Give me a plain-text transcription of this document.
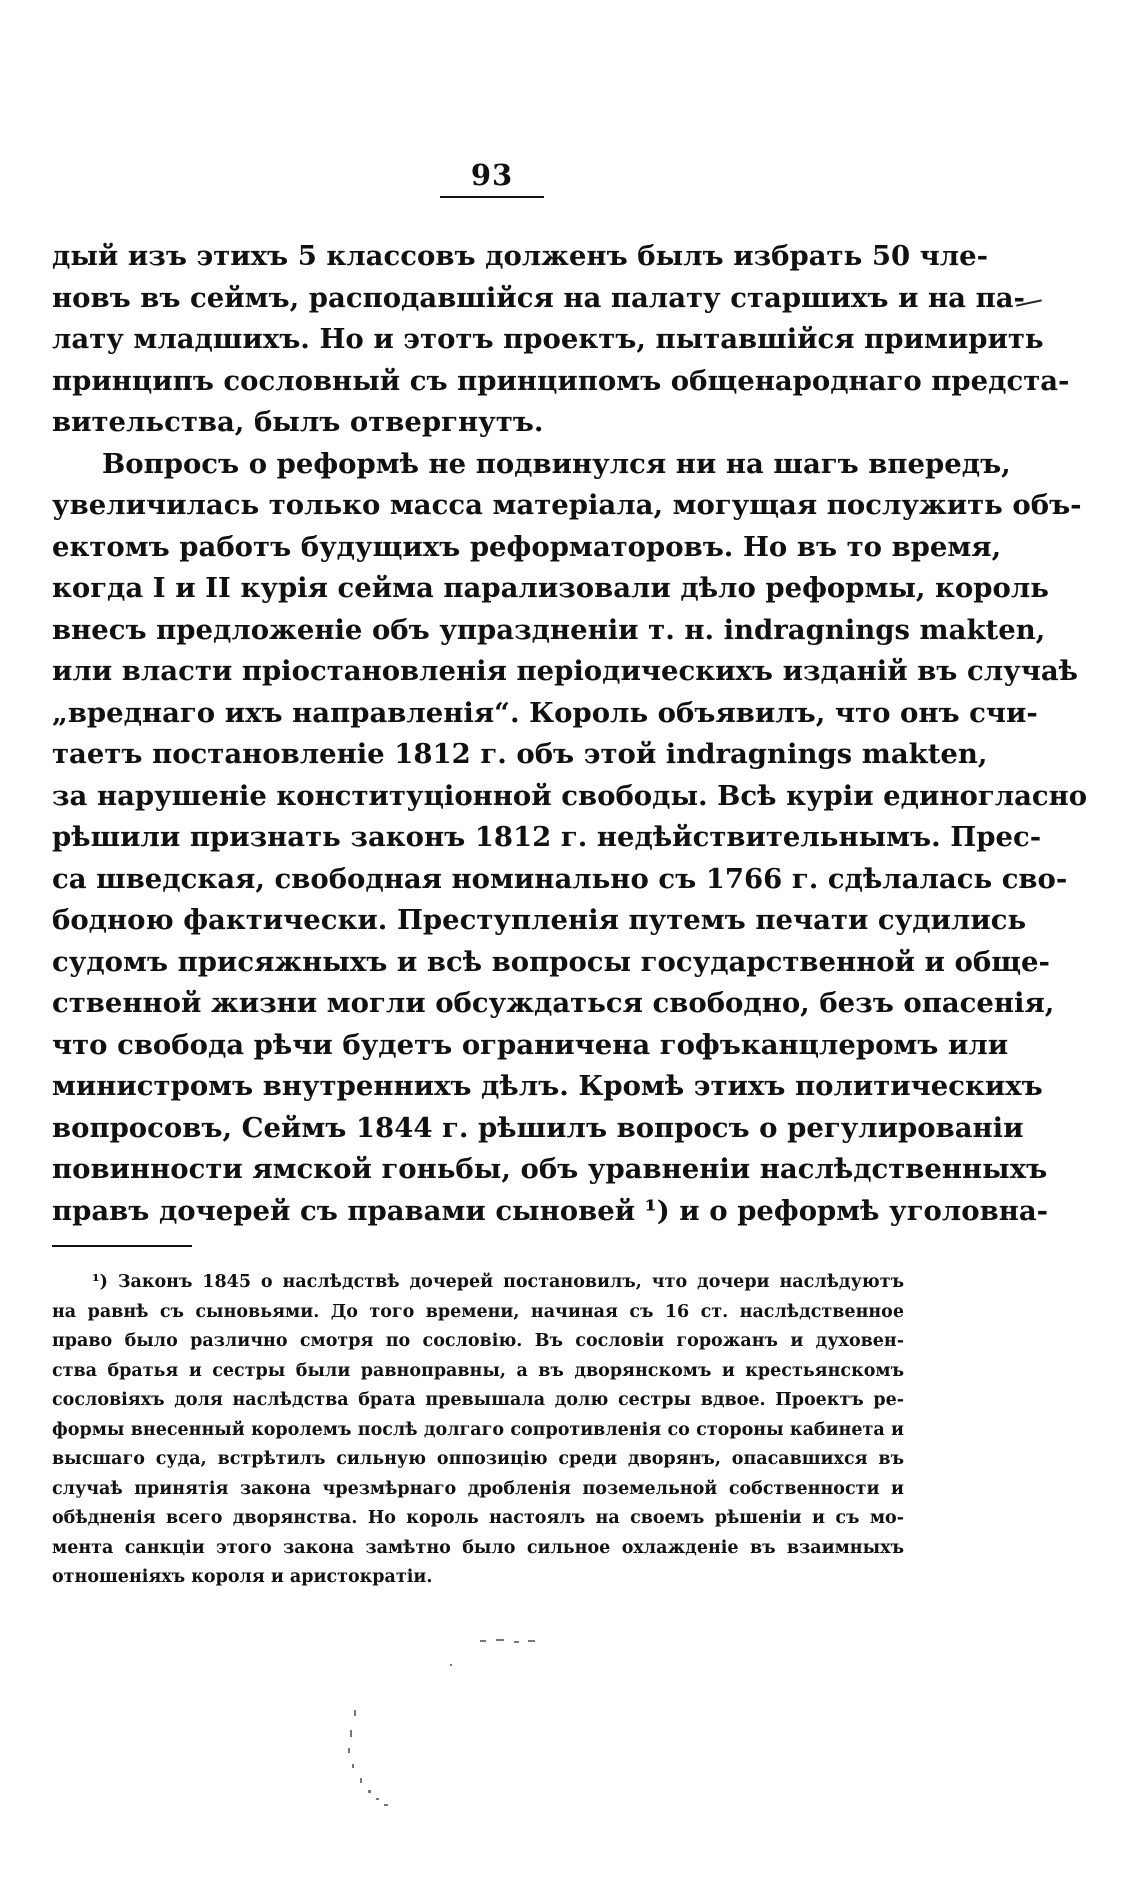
93
дый изъ этихъ 5 классовъ долженъ былъ избрать 50 чле-
новъ въ сеймъ, расподавшійся на палату старшихъ и на па-
лату младшихъ. Но и этотъ проектъ, пытавшійся примирить
принципъ сословный съ принципомъ общенароднаго предста-
вительства, былъ отвергнутъ.
Вопросъ о реформѣ не подвинулся ни на шагъ впередъ,
увеличилась только масса матеріала, могущая послужить объ-
ектомъ работъ будущихъ реформаторовъ. Но въ то время,
когда I и II курія сейма парализовали дѣло реформы, король
внесъ предложеніе объ упраздненіи т. н. indragnings makten,
или власти пріостановленія періодическихъ изданій въ случаѣ
„вреднаго ихъ направленія“. Король объявилъ, что онъ счи-
таетъ постановленіе 1812 г. объ этой indragnings makten,
за нарушеніе конституціонной свободы. Всѣ куріи единогласно
рѣшили признать законъ 1812 г. недѣйствительнымъ. Прес-
са шведская, свободная номинально съ 1766 г. сдѣлалась сво-
бодною фактически. Преступленія путемъ печати судились
судомъ присяжныхъ и всѣ вопросы государственной и обще-
ственной жизни могли обсуждаться свободно, безъ опасенія,
что свобода рѣчи будетъ ограничена гофъканцлеромъ или
министромъ внутреннихъ дѣлъ. Кромѣ этихъ политическихъ
вопросовъ, Сеймъ 1844 г. рѣшилъ вопросъ о регулированіи
повинности ямской гоньбы, объ уравненіи наслѣдственныхъ
правъ дочерей съ правами сыновей ¹) и о реформѣ уголовна-
¹) Законъ 1845 о наслѣдствѣ дочерей постановилъ, что дочери наслѣдуютъ
на равнѣ съ сыновьями. До того времени, начиная съ 16 ст. наслѣдственное
право было различно смотря по сословію. Въ сословіи горожанъ и духовен-
ства братья и сестры были равноправны, а въ дворянскомъ и крестьянскомъ
сословіяхъ доля наслѣдства брата превышала долю сестры вдвое. Проектъ ре-
формы внесенный королемъ послѣ долгаго сопротивленія со стороны кабинета и
высшаго суда, встрѣтилъ сильную оппозицію среди дворянъ, опасавшихся въ
случаѣ принятія закона чрезмѣрнаго дробленія поземельной собственности и
обѣдненія всего дворянства. Но король настоялъ на своемъ рѣшеніи и съ мо-
мента санкціи этого закона замѣтно было сильное охлажденіе въ взаимныхъ
отношеніяхъ короля и аристократіи.
